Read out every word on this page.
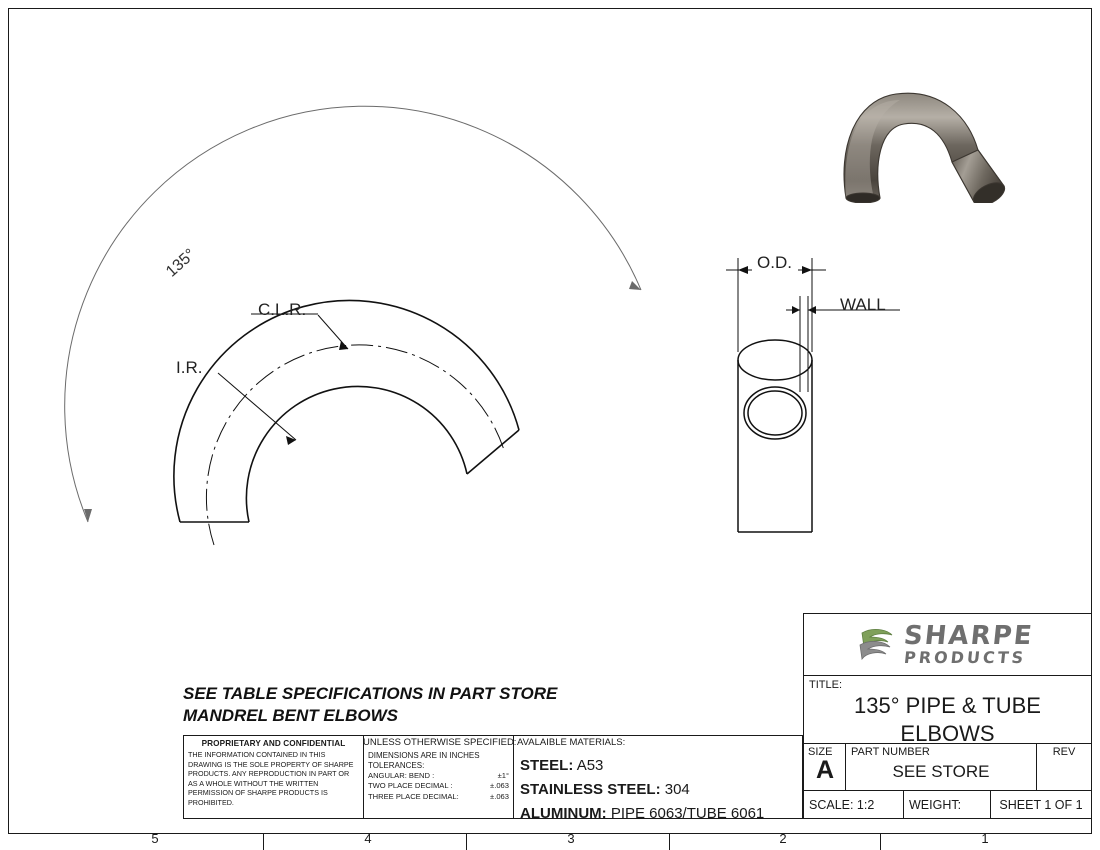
5	4	3	2	1
135°
C.L.R.
I.R.
O.D.
WALL
SEE TABLE SPECIFICATIONS IN PART STORE
MANDREL BENT ELBOWS
PROPRIETARY AND CONFIDENTIAL
THE INFORMATION CONTAINED IN THIS DRAWING IS THE SOLE PROPERTY OF SHARPE PRODUCTS. ANY REPRODUCTION IN PART OR AS A WHOLE WITHOUT THE WRITTEN PERMISSION OF SHARPE PRODUCTS IS PROHIBITED.
DIMENSIONS ARE IN INCHES
TOLERANCES:
ANGULAR: BEND :	±1°
TWO PLACE DECIMAL :	±.063
THREE PLACE DECIMAL:	±.063
STEEL: A53
STAINLESS STEEL: 304
ALUMINUM: PIPE 6063/TUBE 6061
UNLESS OTHERWISE SPECIFIED: AVALAIBLE MATERIALS:
SHARPE
PRODUCTS
TITLE:
135° PIPE & TUBE
ELBOWS
SIZE
A
PART NUMBER
SEE STORE
REV
SCALE: 1:2	WEIGHT:	SHEET 1 OF 1
